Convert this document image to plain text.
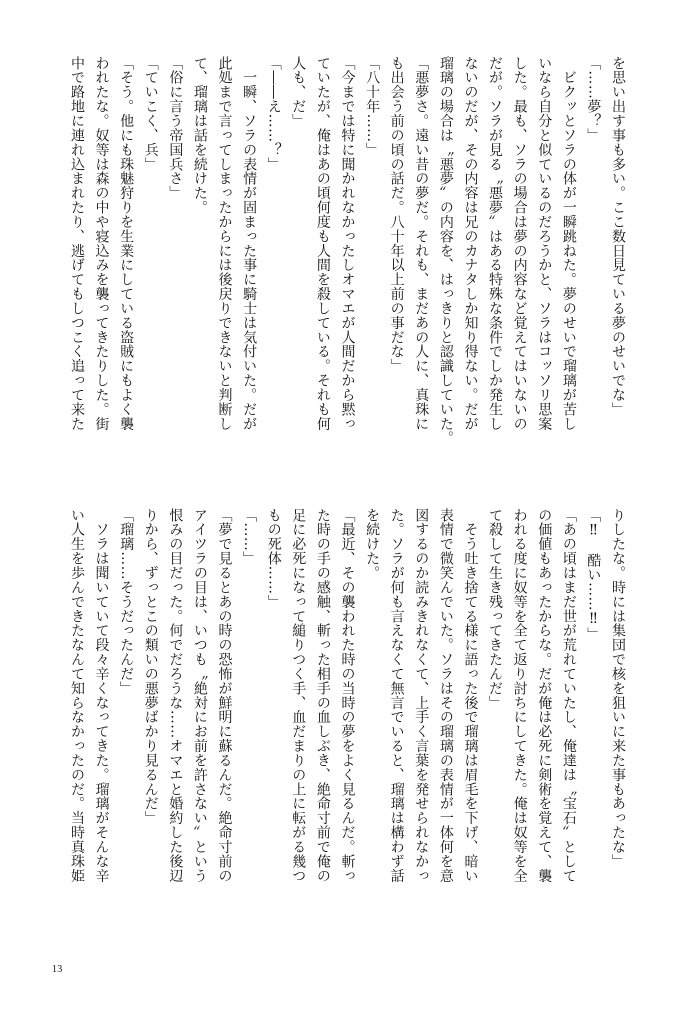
を思い出す事も多い。ここ数日見ている夢のせいでな」

「……夢？」

　ビクッとソラの体が一瞬跳ねた。夢のせいで瑠璃が苦し

いなら自分と似ているのだろうかと、ソラはコッソリ思案

した。最も、ソラの場合は夢の内容など覚えてはいないの

だが。ソラが見る〝悪夢〟はある特殊な条件でしか発生し

ないのだが、その内容は兄のカナタしか知り得ない。だが

瑠璃の場合は〝悪夢〟の内容を、はっきりと認識していた。

「悪夢さ。遠い昔の夢だ。それも、まだあの人に、真珠に

も出会う前の頃の話だ。八十年以上前の事だな」

「八十年……」

「今までは特に聞かれなかったしオマエが人間だから黙っ

ていたが、俺はあの頃何度も人間を殺している。それも何

人も、だ」

「――え……？」

　一瞬、ソラの表情が固まった事に騎士は気付いた。だが

此処まで言ってしまったからには後戻りできないと判断し

て、瑠璃は話を続けた。

「俗に言う帝国兵さ」

「ていこく、兵」

「そう。他にも珠魅狩りを生業にしている盗賊にもよく襲

われたな。奴等は森の中や寝込みを襲ってきたりした。街

中で路地に連れ込まれたり、逃げてもしつこく追って来た

りしたな。時には集団で核を狙いに来た事もあったな」

「‼　酷い……‼」

「あの頃はまだ世が荒れていたし、俺達は〝宝石〟として

の価値もあったからな。だが俺は必死に剣術を覚えて、襲

われる度に奴等を全て返り討ちにしてきた。俺は奴等を全

て殺して生き残ってきたんだ」

　そう吐き捨てる様に語った後で瑠璃は眉毛を下げ、暗い

表情で微笑んでいた。ソラはその瑠璃の表情が一体何を意

図するのか読みきれなくて、上手く言葉を発せられなかっ

た。ソラが何も言えなくて無言でいると、瑠璃は構わず話

を続けた。

「最近、その襲われた時の当時の夢をよく見るんだ。斬っ

た時の手の感触、斬った相手の血しぶき、絶命寸前で俺の

足に必死になって縋りつく手、血だまりの上に転がる幾つ

もの死体……」

「……」

「夢で見るとあの時の恐怖が鮮明に蘇るんだ。絶命寸前の

アイツラの目は、いつも〝絶対にお前を許さない〟という

恨みの目だった。何でだろうな……オマエと婚約した後辺

りから、ずっとこの類いの悪夢ばかり見るんだ」

「瑠璃……そうだったんだ」

　ソラは聞いていて段々辛くなってきた。瑠璃がそんな辛

い人生を歩んできたなんて知らなかったのだ。当時真珠姫

13
